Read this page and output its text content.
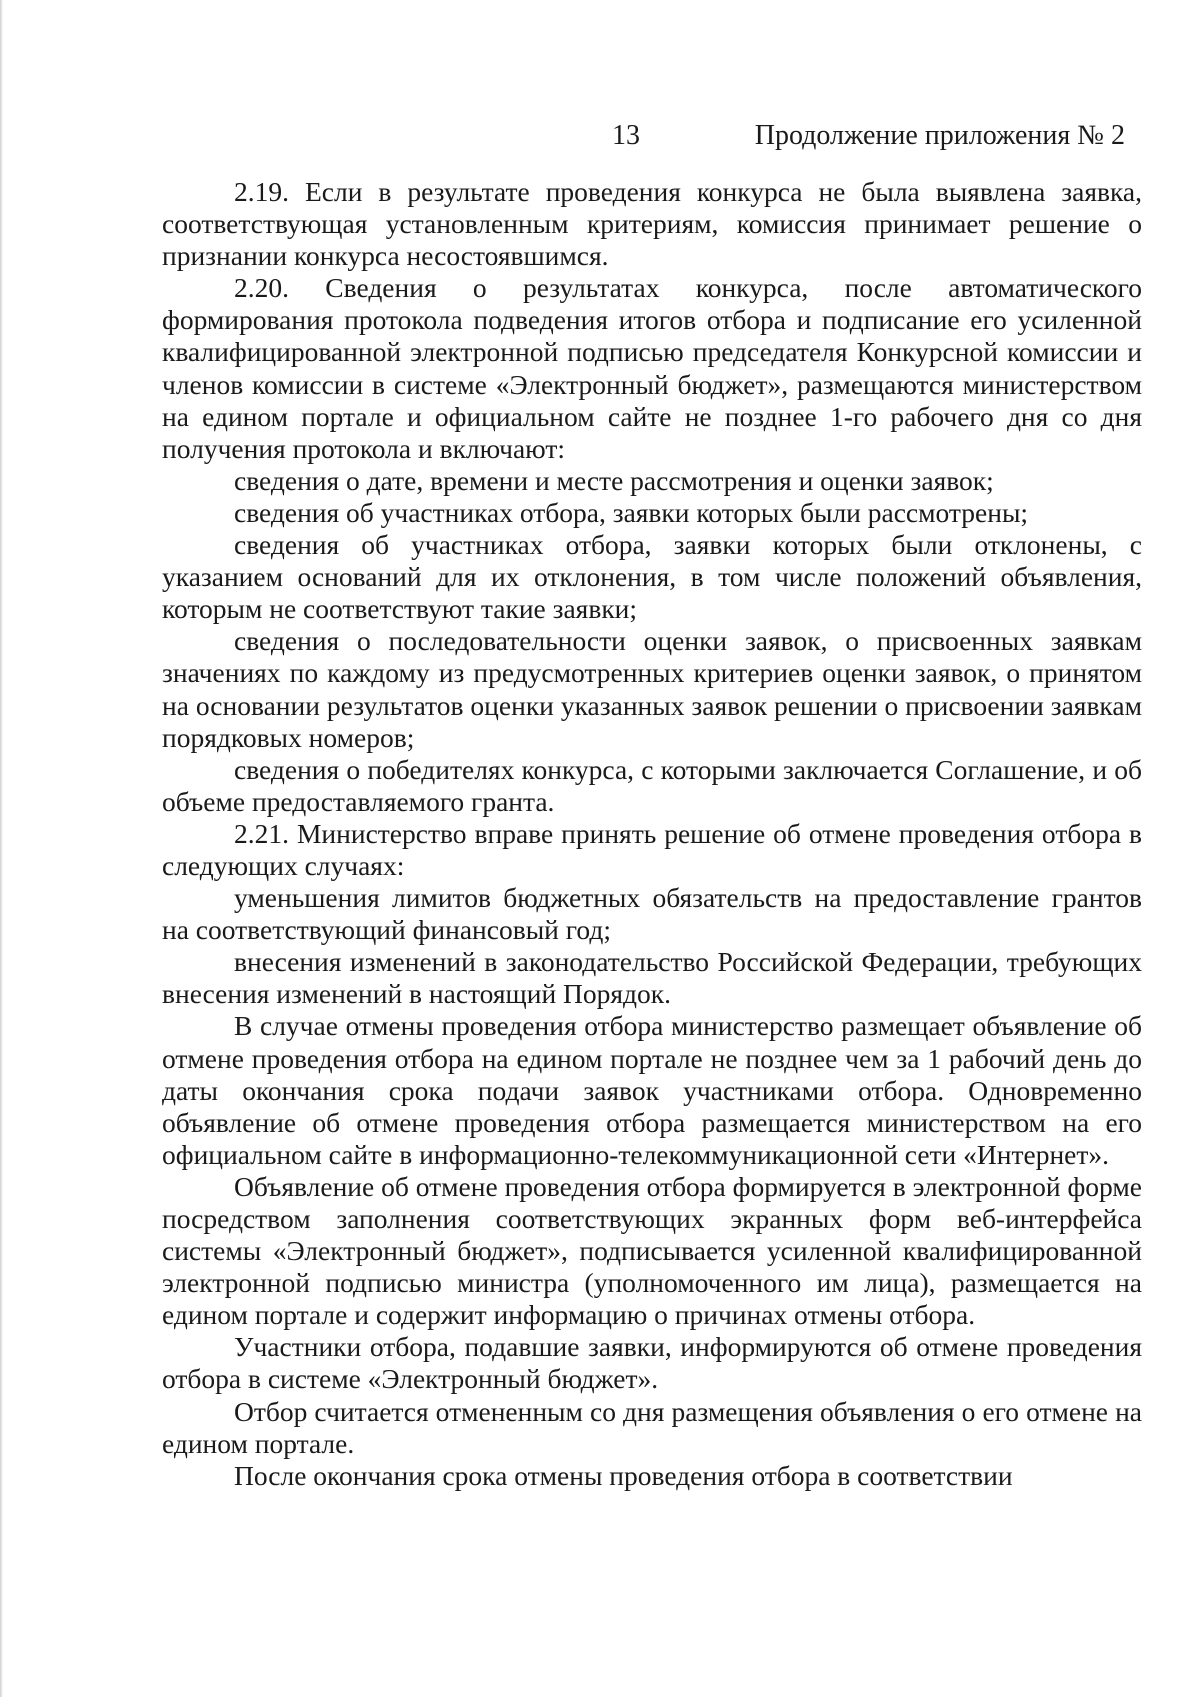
13	Продолжение приложения № 2

2.19. Если в результате проведения конкурса не была выявлена заявка, соответствующая установленным критериям, комиссия принимает решение о признании конкурса несостоявшимся.

2.20. Сведения о результатах конкурса, после автоматического формирования протокола подведения итогов отбора и подписание его усиленной квалифицированной электронной подписью председателя Конкурсной комиссии и членов комиссии в системе «Электронный бюджет», размещаются министерством на едином портале и официальном сайте не позднее 1-го рабочего дня со дня получения протокола и включают:

сведения о дате, времени и месте рассмотрения и оценки заявок;

сведения об участниках отбора, заявки которых были рассмотрены;

сведения об участниках отбора, заявки которых были отклонены, с указанием оснований для их отклонения, в том числе положений объявления, которым не соответствуют такие заявки;

сведения о последовательности оценки заявок, о присвоенных заявкам значениях по каждому из предусмотренных критериев оценки заявок, о принятом на основании результатов оценки указанных заявок решении о присвоении заявкам порядковых номеров;

сведения о победителях конкурса, с которыми заключается Соглашение, и об объеме предоставляемого гранта.

2.21. Министерство вправе принять решение об отмене проведения отбора в следующих случаях:

уменьшения лимитов бюджетных обязательств на предоставление грантов на соответствующий финансовый год;

внесения изменений в законодательство Российской Федерации, требующих внесения изменений в настоящий Порядок.

В случае отмены проведения отбора министерство размещает объявление об отмене проведения отбора на едином портале не позднее чем за 1 рабочий день до даты окончания срока подачи заявок участниками отбора. Одновременно объявление об отмене проведения отбора размещается министерством на его официальном сайте в информационно-телекоммуникационной сети «Интернет».

Объявление об отмене проведения отбора формируется в электронной форме посредством заполнения соответствующих экранных форм веб-интерфейса системы «Электронный бюджет», подписывается усиленной квалифицированной электронной подписью министра (уполномоченного им лица), размещается на едином портале и содержит информацию о причинах отмены отбора.

Участники отбора, подавшие заявки, информируются об отмене проведения отбора в системе «Электронный бюджет».

Отбор считается отмененным со дня размещения объявления о его отмене на едином портале.

После окончания срока отмены проведения отбора в соответствии
